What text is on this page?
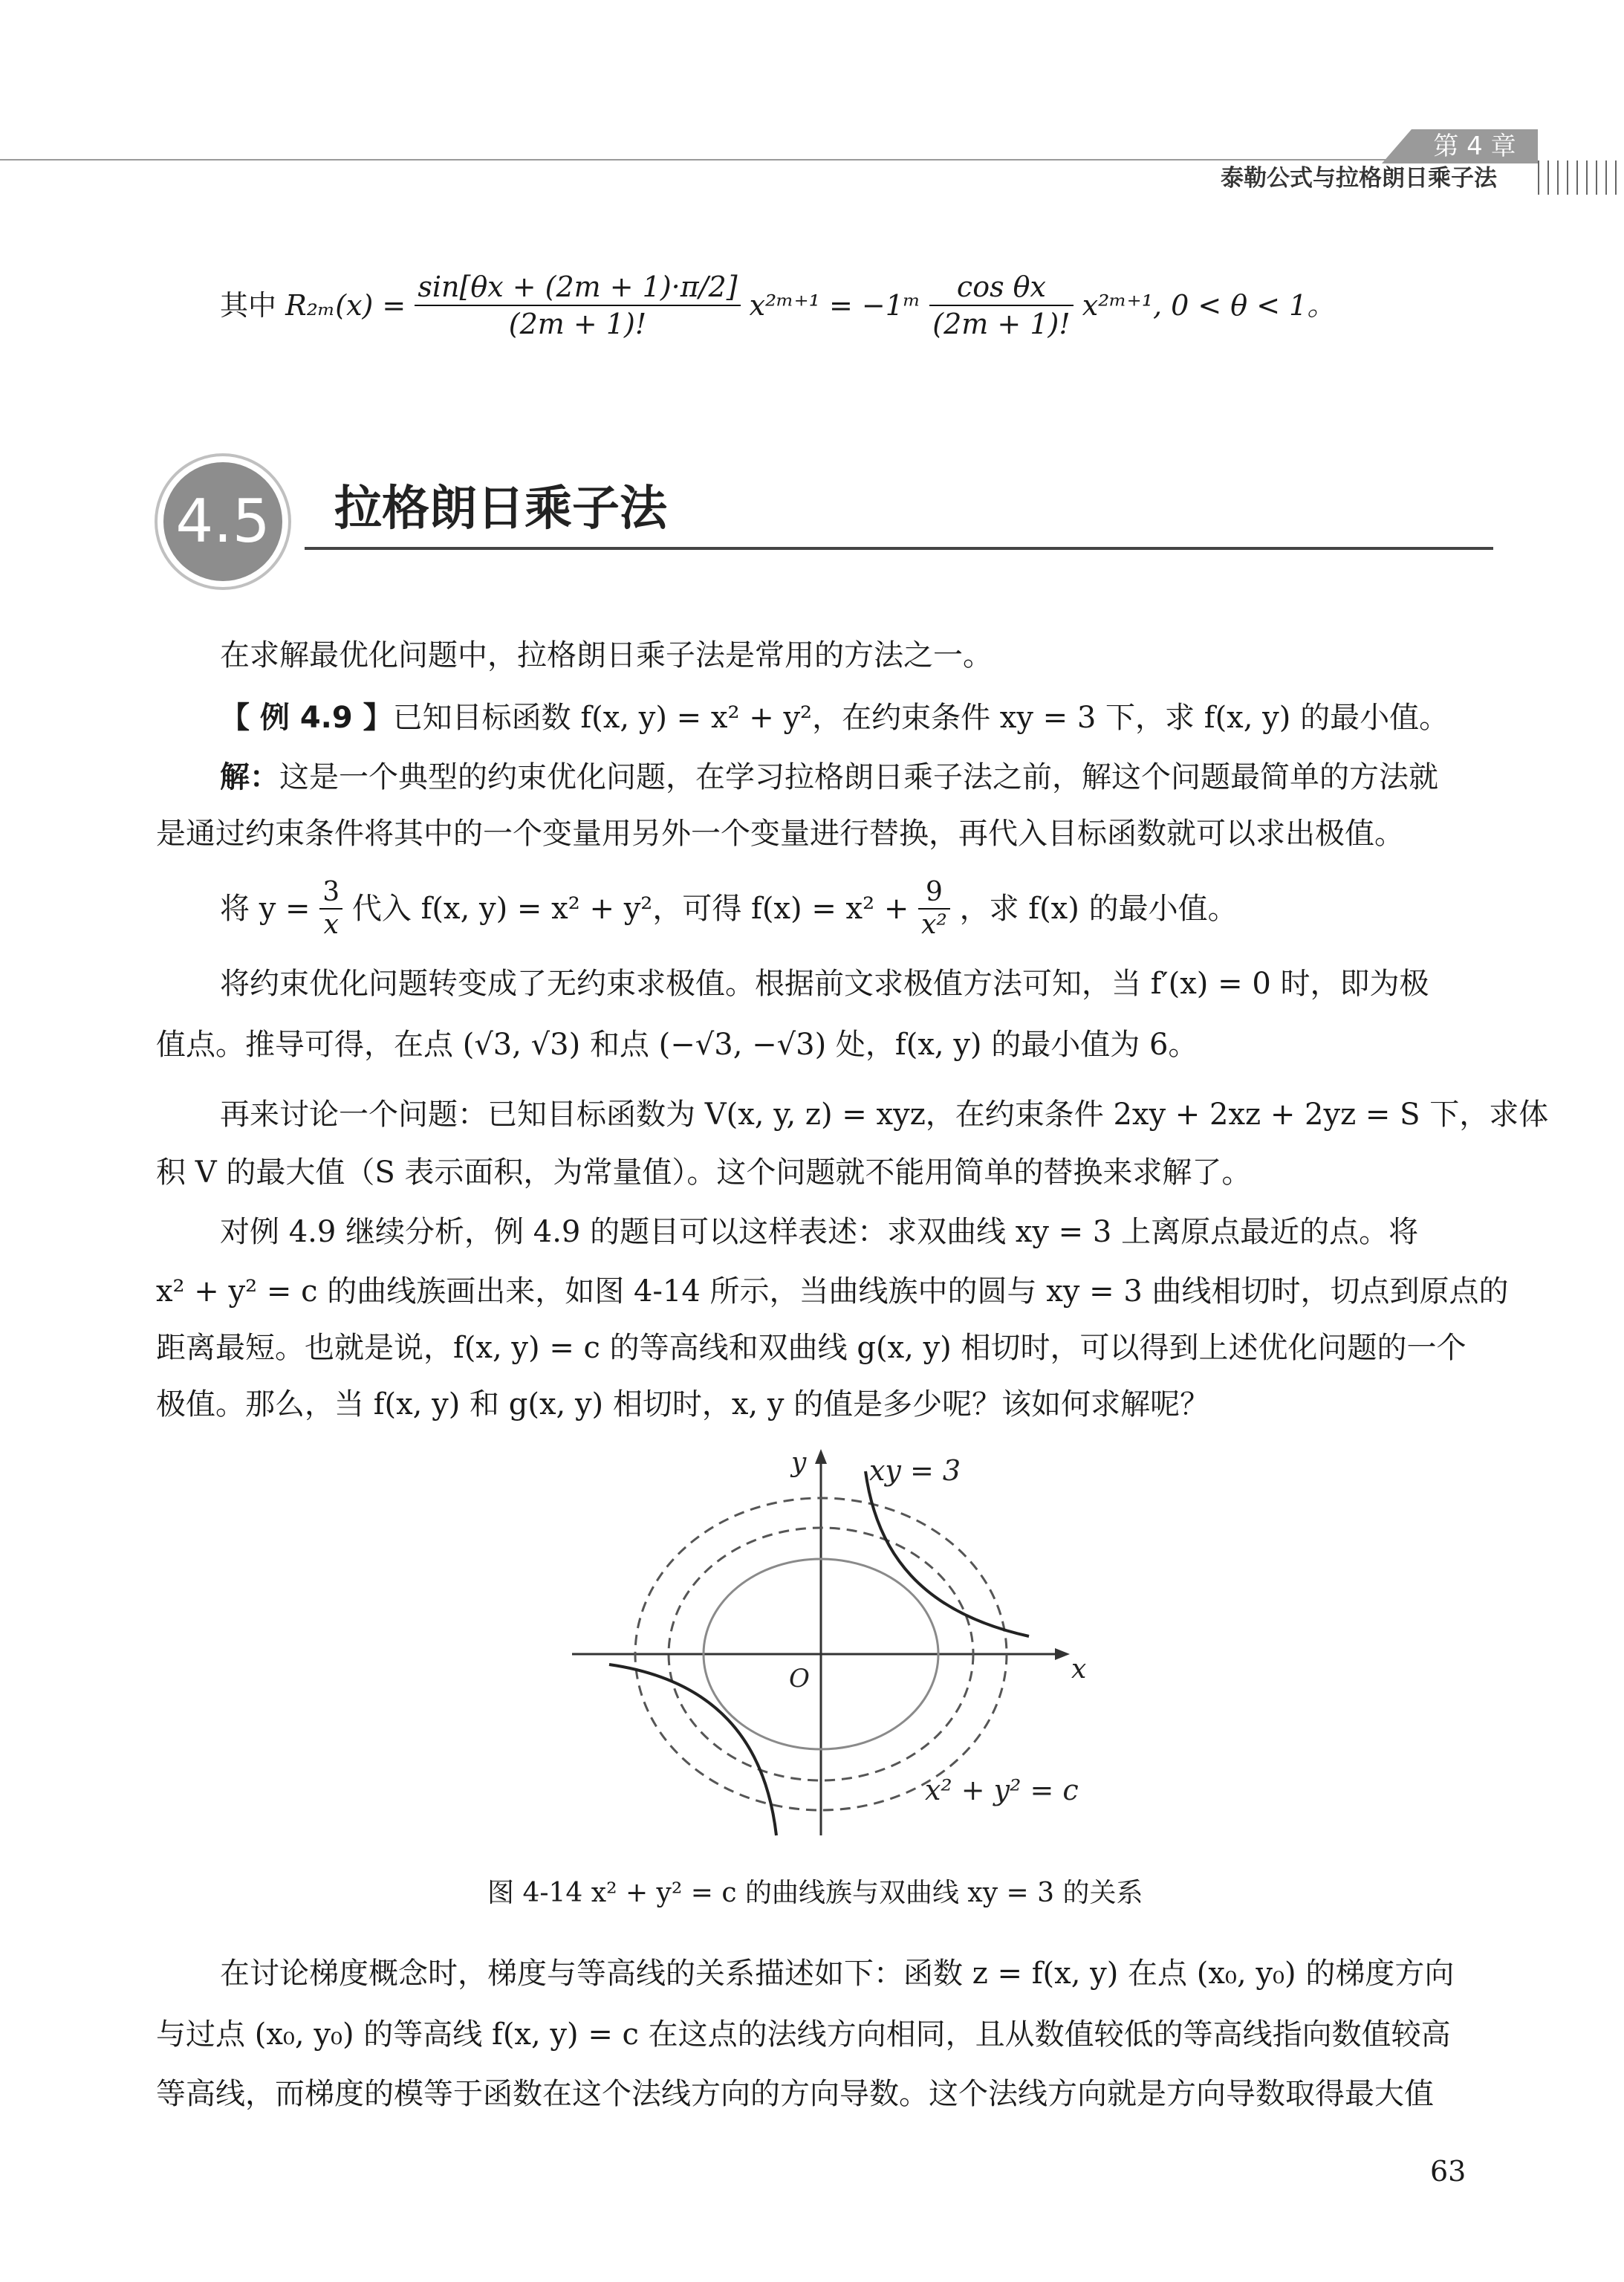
第 4 章
泰勒公式与拉格朗日乘子法
其中 $R_{2m}(x) = \frac{\sin[\theta x + (2m + 1)\cdot\pi/2]}{(2m + 1)!}$ x²ᵐ⁺¹ = −1ᵐ $\frac{\text{cos θx}}{(2m + 1)!}$ x²ᵐ⁺¹, 0 < θ < 1。
4.5 拉格朗日乘子法
在求解最优化问题中，拉格朗日乘子法是常用的方法之一。
【 例 4.9 】已知目标函数 f(x, y) = x² + y²，在约束条件 xy = 3 下，求 f(x, y) 的最小值。
解：这是一个典型的约束优化问题，在学习拉格朗日乘子法之前，解这个问题最简单的方法就
是通过约束条件将其中的一个变量用另外一个变量进行替换，再代入目标函数就可以求出极值。
将 $y = \frac{3}{x}$ 代入 f(x, y) = x² + y²，可得 $f(x) = x^2 + \frac{9}{\text{x²}}$ ，求 f(x) 的最小值。
将约束优化问题转变成了无约束求极值。根据前文求极值方法可知，当 f′(x) = 0 时，即为极
值点。推导可得，在点 (√3, √3) 和点 (−√3, −√3) 处，f(x, y) 的最小值为 6。
再来讨论一个问题：已知目标函数为 V(x, y, z) = xyz，在约束条件 2xy + 2xz + 2yz = S 下，求体
积 V 的最大值（S 表示面积，为常量值）。这个问题就不能用简单的替换来求解了。
对例 4.9 继续分析，例 4.9 的题目可以这样表述：求双曲线 xy = 3 上离原点最近的点。将
x² + y² = c 的曲线族画出来，如图 4-14 所示，当曲线族中的圆与 xy = 3 曲线相切时，切点到原点的
距离最短。也就是说，f(x, y) = c 的等高线和双曲线 g(x, y) 相切时，可以得到上述优化问题的一个
极值。那么，当 f(x, y) 和 g(x, y) 相切时，x, y 的值是多少呢？该如何求解呢？
y
x
O
xy = 3
x² + y² = c
图 4-14 x² + y² = c 的曲线族与双曲线 xy = 3 的关系
在讨论梯度概念时，梯度与等高线的关系描述如下：函数 z = f(x, y) 在点 (x₀, y₀) 的梯度方向
与过点 (x₀, y₀) 的等高线 f(x, y) = c 在这点的法线方向相同，且从数值较低的等高线指向数值较高
等高线，而梯度的模等于函数在这个法线方向的方向导数。这个法线方向就是方向导数取得最大值
63
